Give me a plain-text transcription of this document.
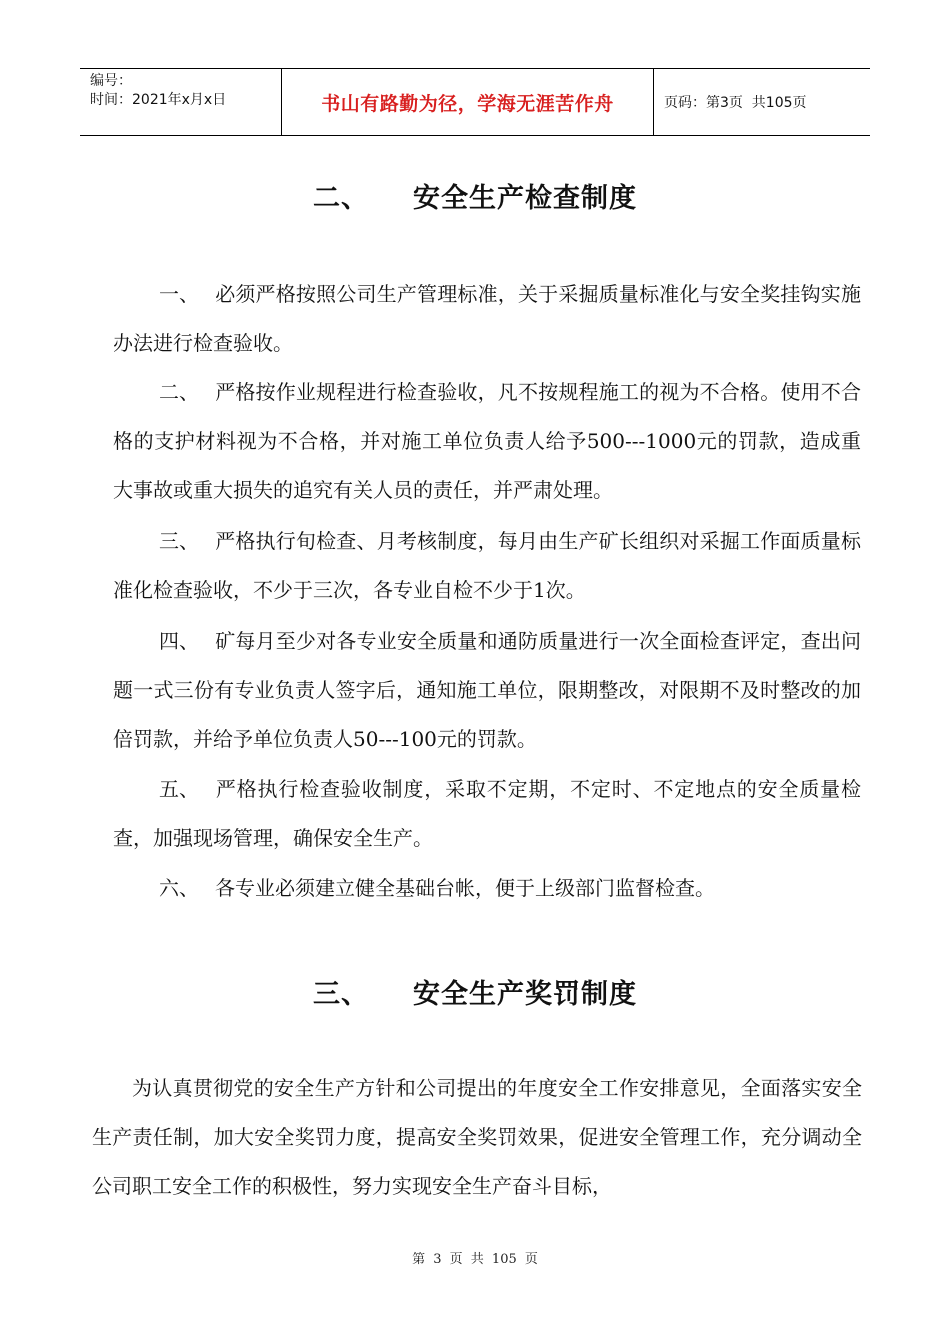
编号：
时间：2021年x月x日	书山有路勤为径，学海无涯苦作舟	页码：第3页  共105页
二、 安全生产检查制度

一、 必须严格按照公司生产管理标准，关于采掘质量标准化与安全奖挂钩实施办法进行检查验收。

二、 严格按作业规程进行检查验收，凡不按规程施工的视为不合格。使用不合格的支护材料视为不合格，并对施工单位负责人给予500---1000元的罚款，造成重大事故或重大损失的追究有关人员的责任，并严肃处理。

三、 严格执行旬检查、月考核制度，每月由生产矿长组织对采掘工作面质量标准化检查验收，不少于三次，各专业自检不少于1次。

四、 矿每月至少对各专业安全质量和通防质量进行一次全面检查评定，查出问题一式三份有专业负责人签字后，通知施工单位，限期整改，对限期不及时整改的加倍罚款，并给予单位负责人50---100元的罚款。

五、 严格执行检查验收制度，采取不定期，不定时、不定地点的安全质量检查，加强现场管理，确保安全生产。

六、 各专业必须建立健全基础台帐，便于上级部门监督检查。

三、 安全生产奖罚制度

为认真贯彻党的安全生产方针和公司提出的年度安全工作安排意见，全面落实安全生产责任制，加大安全奖罚力度，提高安全奖罚效果，促进安全管理工作，充分调动全公司职工安全工作的积极性，努力实现安全生产奋斗目标，

第 3 页 共 105 页
